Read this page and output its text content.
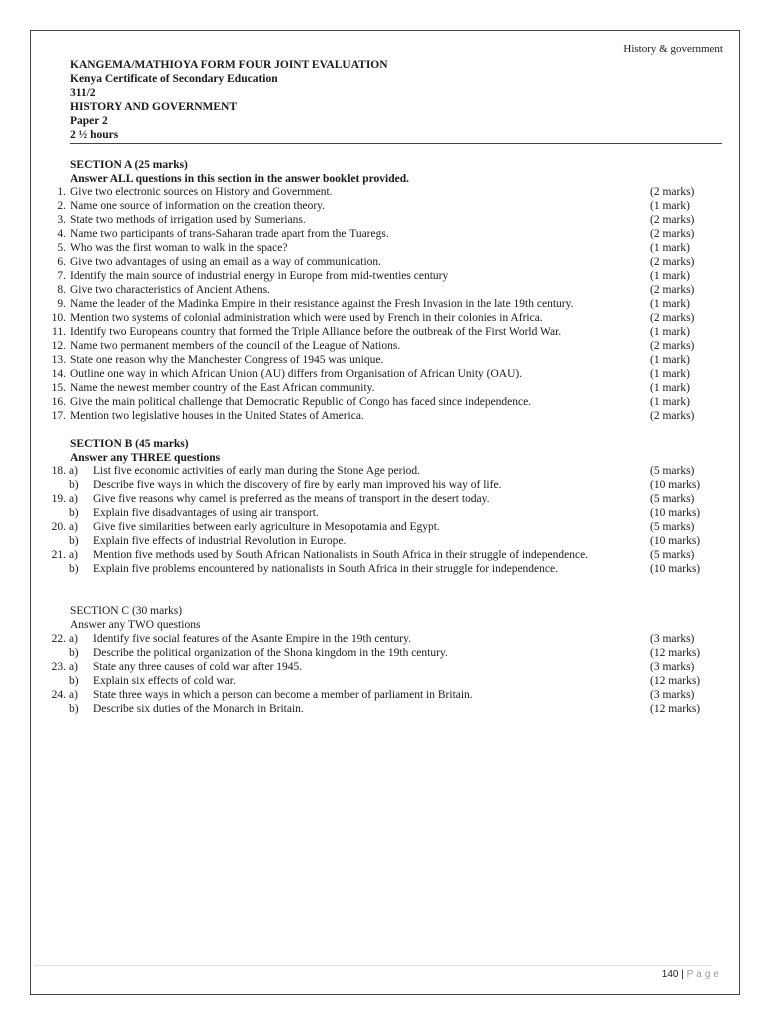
History & government
KANGEMA/MATHIOYA FORM FOUR JOINT EVALUATION
Kenya Certificate of Secondary Education
311/2
HISTORY AND GOVERNMENT
Paper 2
2 ½ hours
SECTION A (25 marks)
Answer ALL questions in this section in the answer booklet provided.
1. Give two electronic sources on History and Government.	(2 marks)
2. Name one source of information on the creation theory.	(1 mark)
3. State two methods of irrigation used by Sumerians.	(2 marks)
4. Name two participants of trans-Saharan trade apart from the Tuaregs.	(2 marks)
5. Who was the first woman to walk in the space?	(1 mark)
6. Give two advantages of using an email as a way of communication.	(2 marks)
7. Identify the main source of industrial energy in Europe from mid-twenties century	(1 mark)
8. Give two characteristics of Ancient Athens.	(2 marks)
9. Name the leader of the Madinka Empire in their resistance against the Fresh Invasion in the late 19th century.	(1 mark)
10. Mention two systems of colonial administration which were used by French in their colonies in Africa.	(2 marks)
11. Identify two Europeans country that formed the Triple Alliance before the outbreak of the First World War.	(1 mark)
12. Name two permanent members of the council of the League of Nations.	(2 marks)
13. State one reason why the Manchester Congress of 1945 was unique.	(1 mark)
14. Outline one way in which African Union (AU) differs from Organisation of African Unity (OAU).	(1 mark)
15. Name the newest member country of the East African community.	(1 mark)
16. Give the main political challenge that Democratic Republic of Congo has faced since independence.	(1 mark)
17. Mention two legislative houses in the United States of America.	(2 marks)
SECTION B (45 marks)
Answer any THREE questions
18. a) List five economic activities of early man during the Stone Age period.	(5 marks)
b) Describe five ways in which the discovery of fire by early man improved his way of life.	(10 marks)
19. a) Give five reasons why camel is preferred as the means of transport in the desert today.	(5 marks)
b) Explain five disadvantages of using air transport.	(10 marks)
20. a) Give five similarities between early agriculture in Mesopotamia and Egypt.	(5 marks)
b) Explain five effects of industrial Revolution in Europe.	(10 marks)
21. a) Mention five methods used by South African Nationalists in South Africa in their struggle of independence.	(5 marks)
b) Explain five problems encountered by nationalists in South Africa in their struggle for independence.	(10 marks)
SECTION C (30 marks)
Answer any TWO questions
22. a) Identify five social features of the Asante Empire in the 19th century.	(3 marks)
b) Describe the political organization of the Shona kingdom in the 19th century.	(12 marks)
23. a) State any three causes of cold war after 1945.	(3 marks)
b) Explain six effects of cold war.	(12 marks)
24. a) State three ways in which a person can become a member of parliament in Britain.	(3 marks)
b) Describe six duties of the Monarch in Britain.	(12 marks)
140 | Page
